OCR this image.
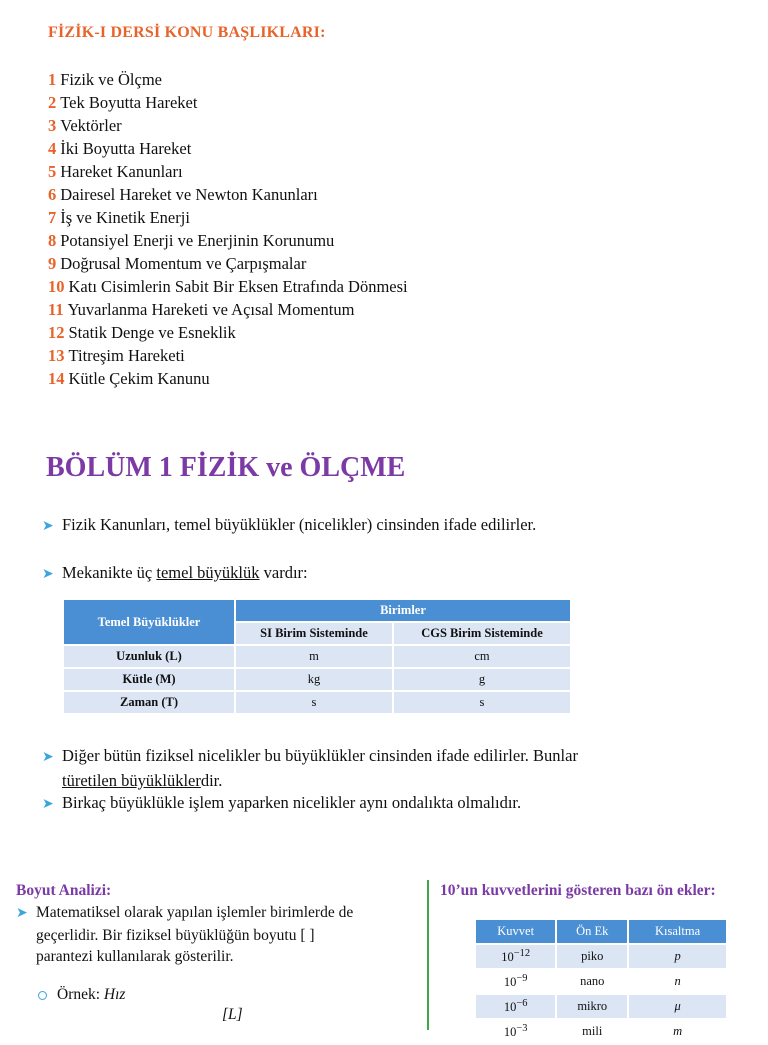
FİZİK-I DERSİ KONU BAŞLIKLARI:
1 Fizik ve Ölçme
2 Tek Boyutta Hareket
3 Vektörler
4 İki Boyutta Hareket
5 Hareket Kanunları
6 Dairesel Hareket ve Newton Kanunları
7 İş ve Kinetik Enerji
8 Potansiyel Enerji ve Enerjinin Korunumu
9 Doğrusal Momentum ve Çarpışmalar
10 Katı Cisimlerin Sabit Bir Eksen Etrafında Dönmesi
11 Yuvarlanma Hareketi ve Açısal Momentum
12 Statik Denge ve Esneklik
13 Titreşim Hareketi
14 Kütle Çekim Kanunu
BÖLÜM 1 FİZİK ve ÖLÇME
➤ Fizik Kanunları, temel büyüklükler (nicelikler) cinsinden ifade edilirler.
➤ Mekanikte üç temel büyüklük vardır:
Temel Büyüklükler	Birimler	
	SI Birim Sisteminde	CGS Birim Sisteminde
Uzunluk (L)	m	cm
Kütle (M)	kg	g
Zaman (T)	s	s
➤ Diğer bütün fiziksel nicelikler bu büyüklükler cinsinden ifade edilirler. Bunlar
türetilen büyüklüklerdir.
➤ Birkaç büyüklükle işlem yaparken nicelikler aynı ondalıkta olmalıdır.
Boyut Analizi:
➤ Matematiksel olarak yapılan işlemler birimlerde de
geçerlidir. Bir fiziksel büyüklüğün boyutu [ ]
parantezi kullanılarak gösterilir.
Örnek: Hız
[L]
10’un kuvvetlerini gösteren bazı ön ekler:
Kuvvet	Ön Ek	Kısaltma
$10^{-12}$	piko	p
$10^{-9}$	nano	n
$10^{-6}$	mikro	μ
$10^{-3}$	mili	m
